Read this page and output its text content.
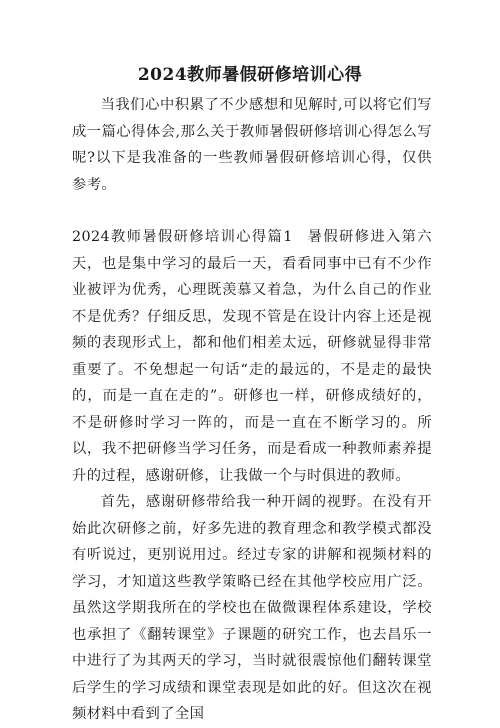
2024教师暑假研修培训心得

当我们心中积累了不少感想和见解时,可以将它们写成一篇心得体会,那么关于教师暑假研修培训心得怎么写呢?以下是我准备的一些教师暑假研修培训心得，仅供参考。

2024教师暑假研修培训心得篇1 暑假研修进入第六天，也是集中学习的最后一天，看看同事中已有不少作业被评为优秀，心理既羡慕又着急，为什么自己的作业不是优秀？仔细反思，发现不管是在设计内容上还是视频的表现形式上，都和他们相差太远，研修就显得非常重要了。不免想起一句话“走的最远的，不是走的最快的，而是一直在走的”。研修也一样，研修成绩好的，不是研修时学习一阵的，而是一直在不断学习的。所以，我不把研修当学习任务，而是看成一种教师素养提升的过程，感谢研修，让我做一个与时俱进的教师。

首先，感谢研修带给我一种开阔的视野。在没有开始此次研修之前，好多先进的教育理念和教学模式都没有听说过，更别说用过。经过专家的讲解和视频材料的学习，才知道这些教学策略已经在其他学校应用广泛。虽然这学期我所在的学校也在做微课程体系建设，学校也承担了《翻转课堂》子课题的研究工作，也去昌乐一中进行了为其两天的学习，当时就很震惊他们翻转课堂后学生的学习成绩和课堂表现是如此的好。但这次在视频材料中看到了全国
